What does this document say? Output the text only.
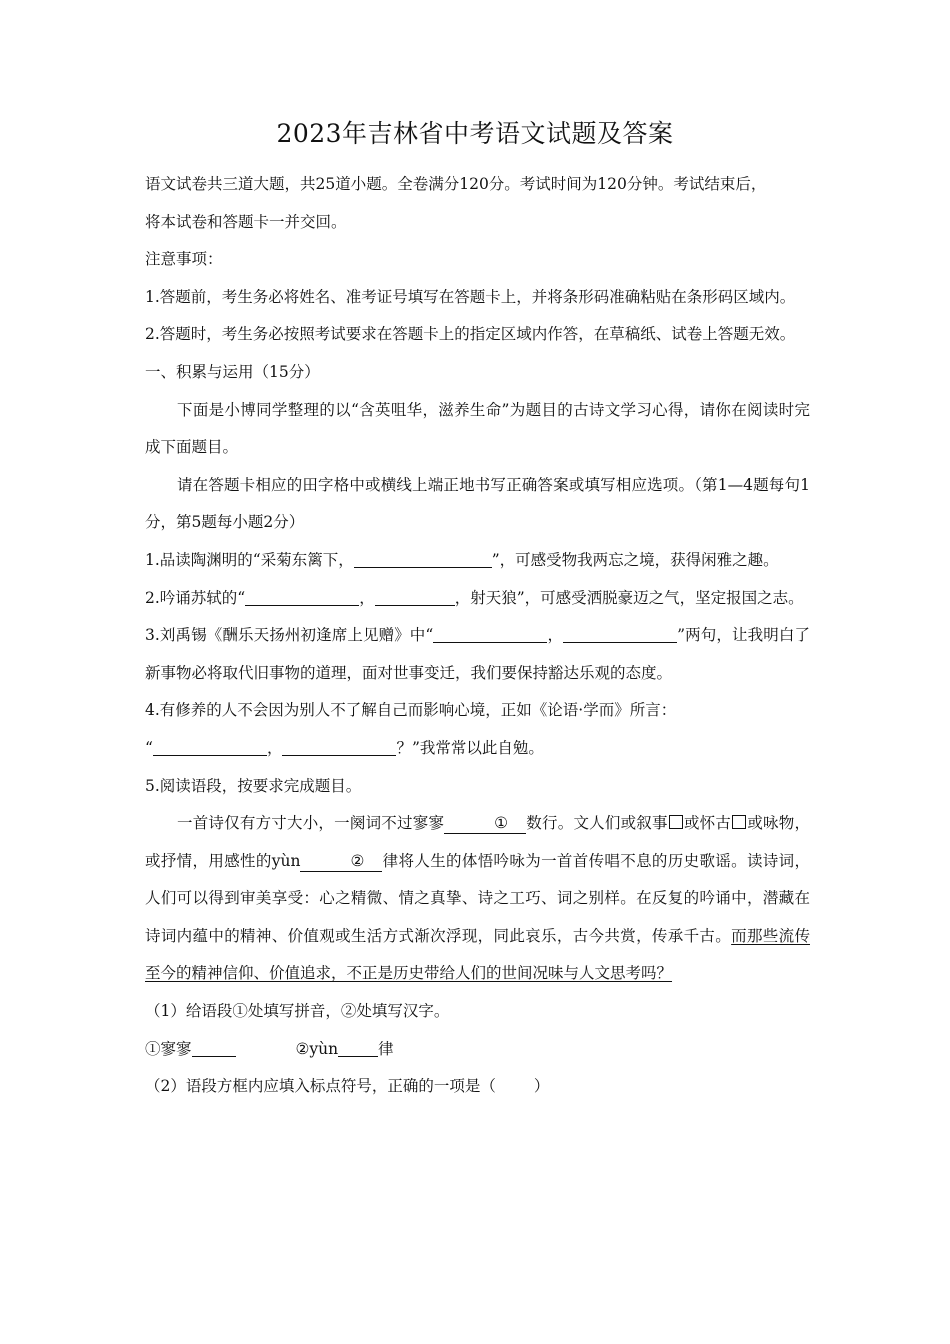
2023年吉林省中考语文试题及答案

语文试卷共三道大题，共25道小题。全卷满分120分。考试时间为120分钟。考试结束后，

将本试卷和答题卡一并交回。

注意事项：

1.答题前，考生务必将姓名、准考证号填写在答题卡上，并将条形码准确粘贴在条形码区域内。

2.答题时，考生务必按照考试要求在答题卡上的指定区域内作答，在草稿纸、试卷上答题无效。

一、积累与运用（15分）

下面是小博同学整理的以“含英咀华，滋养生命”为题目的古诗文学习心得，请你在阅读时完成下面题目。

请在答题卡相应的田字格中或横线上端正地书写正确答案或填写相应选项。（第1—4题每句1分，第5题每小题2分）

1.品读陶渊明的“采菊东篱下，	”，可感受物我两忘之境，获得闲雅之趣。

2.吟诵苏轼的“	，	，射天狼”，可感受洒脱豪迈之气，坚定报国之志。

3.刘禹锡《酬乐天扬州初逢席上见赠》中“	，	”两句，让我明白了新事物必将取代旧事物的道理，面对世事变迁，我们要保持豁达乐观的态度。

4.有修养的人不会因为别人不了解自己而影响心境，正如《论语·学而》所言：
“	，	？”我常常以此自勉。

5.阅读语段，按要求完成题目。

一首诗仅有方寸大小，一阕词不过寥寥	① 数行。文人们或叙事 或怀古 或咏物，或抒情，用感性的yùn	② 律将人生的体悟吟咏为一首首传唱不息的历史歌谣。读诗词，人们可以得到审美享受：心之精微、情之真挚、诗之工巧、词之别样。在反复的吟诵中，潜藏在诗词内蕴中的精神、价值观或生活方式渐次浮现，同此哀乐，古今共赏，传承千古。而那些流传至今的精神信仰、价值追求，不正是历史带给人们的世间况味与人文思考吗？

（1）给语段①处填写拼音，②处填写汉字。

①寥寥	②yùn	律

（2）语段方框内应填入标点符号，正确的一项是（ ）
